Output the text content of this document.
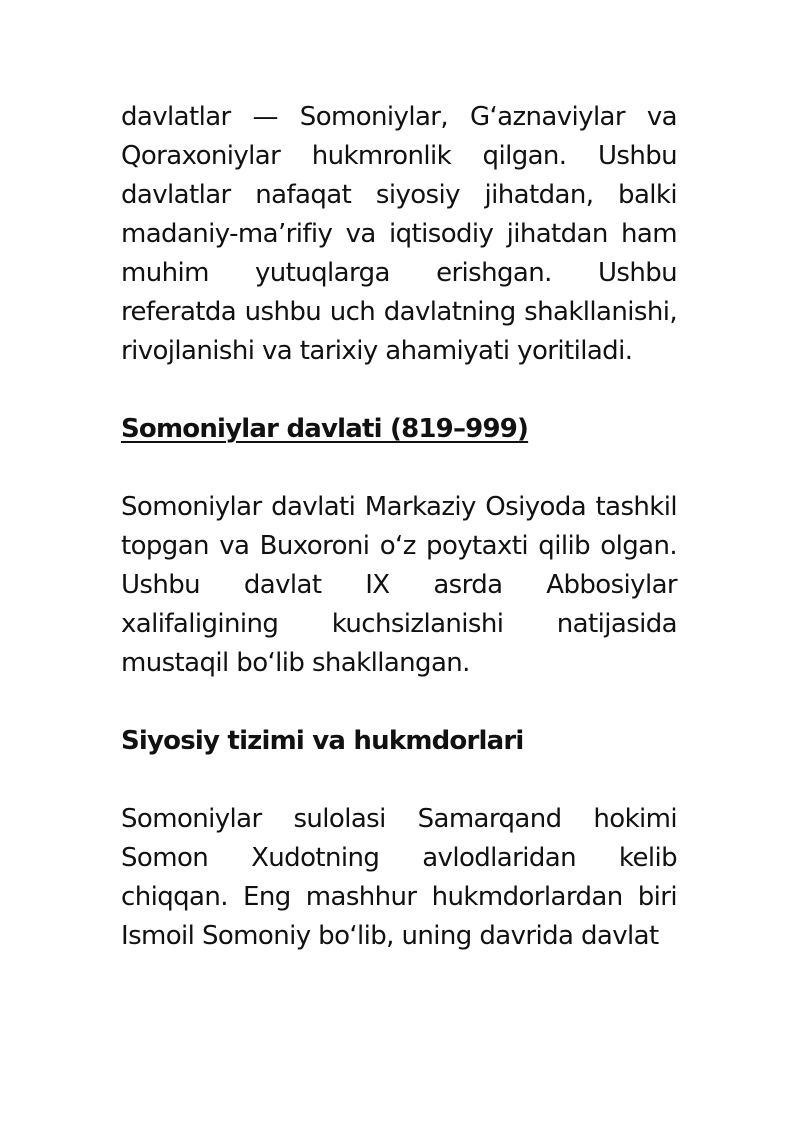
davlatlar — Somoniylar, G‘aznaviylar va Qoraxoniylar hukmronlik qilgan. Ushbu davlatlar nafaqat siyosiy jihatdan, balki madaniy-ma’rifiy va iqtisodiy jihatdan ham muhim yutuqlarga erishgan. Ushbu referatda ushbu uch davlatning shakllanishi, rivojlanishi va tarixiy ahamiyati yoritiladi.

Somoniylar davlati (819–999)

Somoniylar davlati Markaziy Osiyoda tashkil topgan va Buxoroni o‘z poytaxti qilib olgan. Ushbu davlat IX asrda Abbosiylar xalifaligining kuchsizlanishi natijasida mustaqil bo‘lib shakllangan.

Siyosiy tizimi va hukmdorlari

Somoniylar sulolasi Samarqand hokimi Somon Xudotning avlodlaridan kelib chiqqan. Eng mashhur hukmdorlardan biri Ismoil Somoniy bo‘lib, uning davrida davlat
